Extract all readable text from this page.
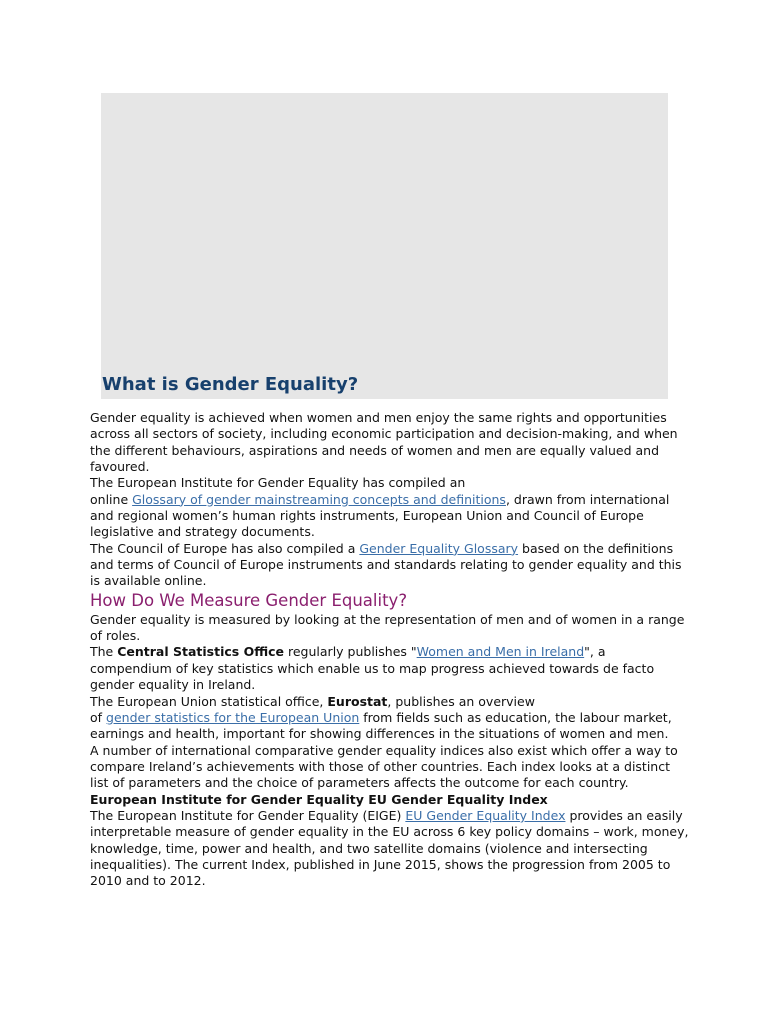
What is Gender Equality?

Gender equality is achieved when women and men enjoy the same rights and opportunities across all sectors of society, including economic participation and decision-making, and when the different behaviours, aspirations and needs of women and men are equally valued and favoured.

The European Institute for Gender Equality has compiled an
online Glossary of gender mainstreaming concepts and definitions, drawn from international and regional women’s human rights instruments, European Union and Council of Europe legislative and strategy documents.

The Council of Europe has also compiled a Gender Equality Glossary based on the definitions and terms of Council of Europe instruments and standards relating to gender equality and this is available online.

How Do We Measure Gender Equality?

Gender equality is measured by looking at the representation of men and of women in a range of roles.

The Central Statistics Office regularly publishes "Women and Men in Ireland", a compendium of key statistics which enable us to map progress achieved towards de facto gender equality in Ireland.

The European Union statistical office, Eurostat, publishes an overview
of gender statistics for the European Union from fields such as education, the labour market, earnings and health, important for showing differences in the situations of women and men.

A number of international comparative gender equality indices also exist which offer a way to compare Ireland’s achievements with those of other countries. Each index looks at a distinct list of parameters and the choice of parameters affects the outcome for each country.

European Institute for Gender Equality EU Gender Equality Index

The European Institute for Gender Equality (EIGE) EU Gender Equality Index provides an easily interpretable measure of gender equality in the EU across 6 key policy domains – work, money, knowledge, time, power and health, and two satellite domains (violence and intersecting inequalities). The current Index, published in June 2015, shows the progression from 2005 to 2010 and to 2012.
